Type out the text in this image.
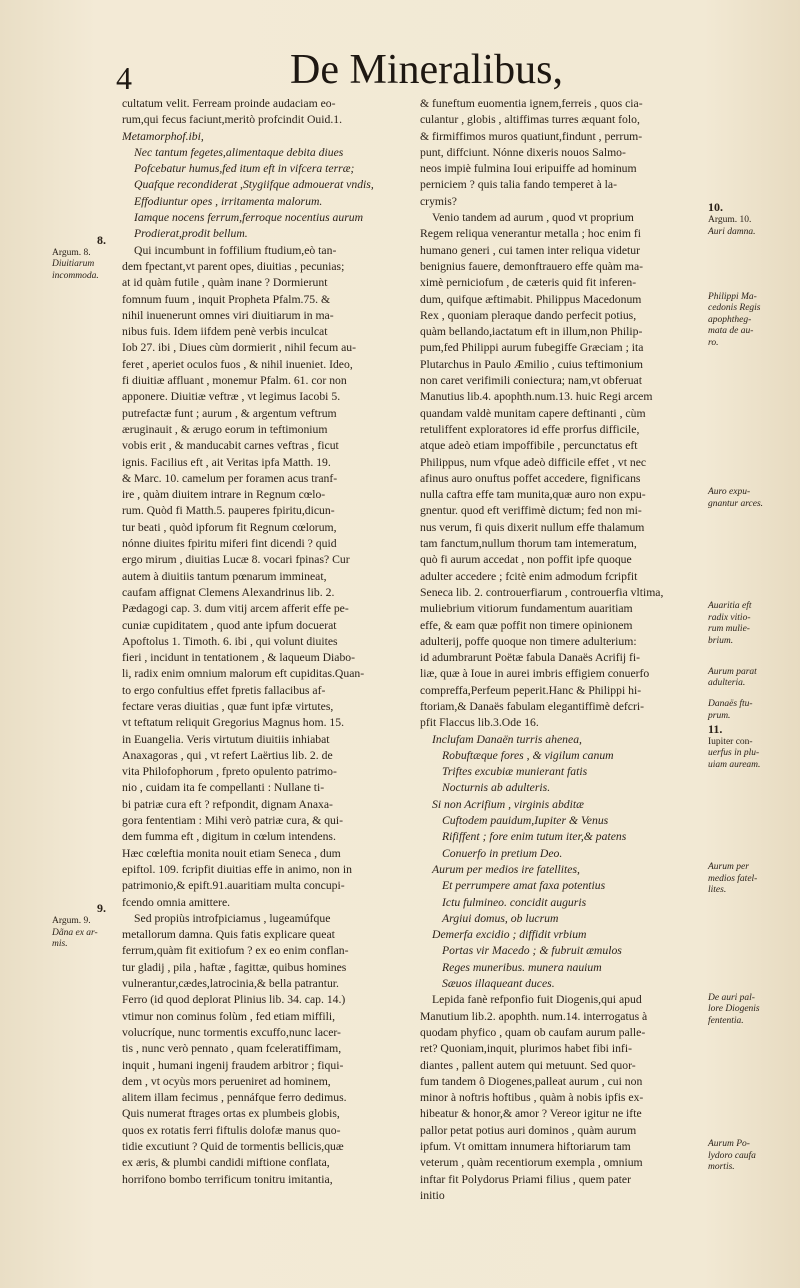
4	De Mineralibus,
cultatum velit. Ferream proinde audaciam eo-
rum,qui fecus faciunt,meritò profcindit Ouid.1.
Metamorphof.ibi,
Nec tantum fegetes,alimentaque debita diues
Pofcebatur humus,fed itum eft in vifcera terræ;
Quafque recondiderat ,Stygiifque admouerat vndis,
Effodiuntur opes , irritamenta malorum.
Iamque nocens ferrum,ferroque nocentius aurum
Prodierat,prodit bellum.
Qui incumbunt in foffilium ftudium,eò tan-
dem fpectant,vt parent opes, diuitias , pecunias;
at id quàm futile , quàm inane ? Dormierunt
fomnum fuum , inquit Propheta Pfalm.75. &
nihil inuenerunt omnes viri diuitiarum in ma-
nibus fuis. Idem iifdem penè verbis inculcat
Iob 27. ibi , Diues cùm dormierit , nihil fecum au-
feret , aperiet oculos fuos , & nihil inueniet. Ideo,
fi diuitiæ affluant , monemur Pfalm. 61. cor non
apponere. Diuitiæ veftræ , vt legimus Iacobi 5.
putrefactæ funt ; aurum , & argentum veftrum
æruginauit , & ærugo eorum in teftimonium
vobis erit , & manducabit carnes veftras , ficut
ignis. Facilius eft , ait Veritas ipfa Matth. 19.
& Marc. 10. camelum per foramen acus tranf-
ire , quàm diuitem intrare in Regnum cœlo-
rum. Quòd fi Matth.5. pauperes fpiritu,dicun-
tur beati , quòd ipforum fit Regnum cœlorum,
nónne diuites fpiritu miferi fint dicendi ? quid
ergo mirum , diuitias Lucæ 8. vocari fpinas? Cur
autem à diuitiis tantum pœnarum immineat,
caufam affignat Clemens Alexandrinus lib. 2.
Pædagogi cap. 3. dum vitij arcem afferit effe pe-
cuniæ cupiditatem , quod ante ipfum docuerat
Apoftolus 1. Timoth. 6. ibi , qui volunt diuites
fieri , incidunt in tentationem , & laqueum Diabo-
li, radix enim omnium malorum eft cupiditas.Quan-
to ergo confultius effet fpretis fallacibus af-
fectare veras diuitias , quæ funt ipfæ virtutes,
vt teftatum reliquit Gregorius Magnus hom. 15.
in Euangelia. Veris virtutum diuitiis inhiabat
Anaxagoras , qui , vt refert Laërtius lib. 2. de
vita Philofophorum , fpreto opulento patrimo-
nio , cuidam ita fe compellanti : Nullane ti-
bi patriæ cura eft ? refpondit, dignam Anaxa-
gora fententiam : Mihi verò patriæ cura, & qui-
dem fumma eft , digitum in cœlum intendens.
Hæc cœleftia monita nouit etiam Seneca , dum
epiftol. 109. fcripfit diuitias effe in animo, non in
patrimonio,& epift.91.auaritiam multa concupi-
fcendo omnia amittere.
Sed propiùs introfpiciamus , lugeamúfque
metallorum damna. Quis fatis explicare queat
ferrum,quàm fit exitiofum ? ex eo enim conflan-
tur gladij , pila , haftæ , fagittæ, quibus homines
vulnerantur,cædes,latrocinia,& bella patrantur.
Ferro (id quod deplorat Plinius lib. 34. cap. 14.)
vtimur non cominus folùm , fed etiam miffili,
volucríque, nunc tormentis excuffo,nunc lacer-
tis , nunc verò pennato , quam fceleratiffimam,
inquit , humani ingenij fraudem arbitror ; fiqui-
dem , vt ocyùs mors perueniret ad hominem,
alitem illam fecimus , pennáfque ferro dedimus.
Quis numerat ftrages ortas ex plumbeis globis,
quos ex rotatis ferri fiftulis dolofæ manus quo-
tidie excutiunt ? Quid de tormentis bellicis,quæ
ex æris, & plumbi candidi miftione conflata,
horrifono bombo terrificum tonitru imitantia,
& funeftum euomentia ignem,ferreis , quos cia-
culantur , globis , altiffimas turres æquant folo,
& firmiffimos muros quatiunt,findunt , perrum-
punt, diffciunt. Nónne dixeris nouos Salmo-
neos impiè fulmina Ioui eripuiffe ad hominum
perniciem ? quis talia fando temperet à la-
crymis?
Venio tandem ad aurum , quod vt proprium
Regem reliqua venerantur metalla ; hoc enim fi
humano generi , cui tamen inter reliqua videtur
benignius fauere, demonftrauero effe quàm ma-
ximè perniciofum , de cæteris quid fit inferen-
dum, quifque æftimabit. Philippus Macedonum
Rex , quoniam pleraque dando perfecit potius,
quàm bellando,iactatum eft in illum,non Philip-
pum,fed Philippi aurum fubegiffe Græciam ; ita
Plutarchus in Paulo Æmilio , cuius teftimonium
non caret verifimili coniectura; nam,vt obferuat
Manutius lib.4. apophth.num.13. huic Regi arcem
quandam valdè munitam capere deftinanti , cùm
retuliffent exploratores id effe prorfus difficile,
atque adeò etiam impoffibile , percunctatus eft
Philippus, num vfque adeò difficile effet , vt nec
afinus auro onuftus poffet accedere, fignificans
nulla caftra effe tam munita,quæ auro non expu-
gnentur. quod eft veriffimè dictum; fed non mi-
nus verum, fi quis dixerit nullum effe thalamum
tam fanctum,nullum thorum tam intemeratum,
quò fi aurum accedat , non poffit ipfe quoque
adulter accedere ; fcitè enim admodum fcripfit
Seneca lib. 2. controuerfiarum , controuerfia vltima,
muliebrium vitiorum fundamentum auaritiam
effe, & eam quæ poffit non timere opinionem
adulterij, poffe quoque non timere adulterium:
id adumbrarunt Poëtæ fabula Danaës Acrifij fi-
liæ, quæ à Ioue in aurei imbris effigiem conuerfo
compreffa,Perfeum peperit.Hanc & Philippi hi-
ftoriam,& Danaës fabulam elegantiffimè defcri-
pfit Flaccus lib.3.Ode 16.
Inclufam Danaën turris ahenea,
Robuftæque fores , & vigilum canum
Triftes excubiæ munierant fatis
Nocturnis ab adulteris.
Si non Acrifium , virginis abditæ
Cuftodem pauidum,Iupiter & Venus
Rififfent ; fore enim tutum iter,& patens
Conuerfo in pretium Deo.
Aurum per medios ire fatellites,
Et perrumpere amat faxa potentius
Ictu fulmineo. concidit auguris
Argiui domus, ob lucrum
Demerfa excidio ; diffidit vrbium
Portas vir Macedo ; & fubruit æmulos
Reges muneribus. munera nauium
Sæuos illaqueant duces.
Lepida fanè refponfio fuit Diogenis,qui apud
Manutium lib.2. apophth. num.14. interrogatus à
quodam phyfico , quam ob caufam aurum palle-
ret? Quoniam,inquit, plurimos habet fibi infi-
diantes , pallent autem qui metuunt. Sed quor-
fum tandem ô Diogenes,palleat aurum , cui non
minor à noftris hoftibus , quàm à nobis ipfis ex-
hibeatur & honor,& amor ? Vereor igitur ne ifte
pallor petat potius auri dominos , quàm aurum
ipfum. Vt omittam innumera hiftoriarum tam
veterum , quàm recentiorum exempla , omnium
inftar fit Polydorus Priami filius , quem pater
initio
8.
Argum. 8.
Diuitiarum
incommoda.
9.
Argum. 9.
Dãna ex ar-
mis.
10.
Argum. 10.
Auri damna.
Philippi Ma-
cedonis Regis
apophtheg-
mata de au-
ro.
Auro expu-
gnantur arces.
Auaritia eft
radix vitio-
rum mulie-
brium.
Aurum parat
adulteria.
Danaës ftu-
prum.
11.
Iupiter con-
uerfus in plu-
uiam auream.
Aurum per
medios fatel-
lites.
De auri pal-
lore Diogenis
fententia.
Aurum Po-
lydoro caufa
mortis.
